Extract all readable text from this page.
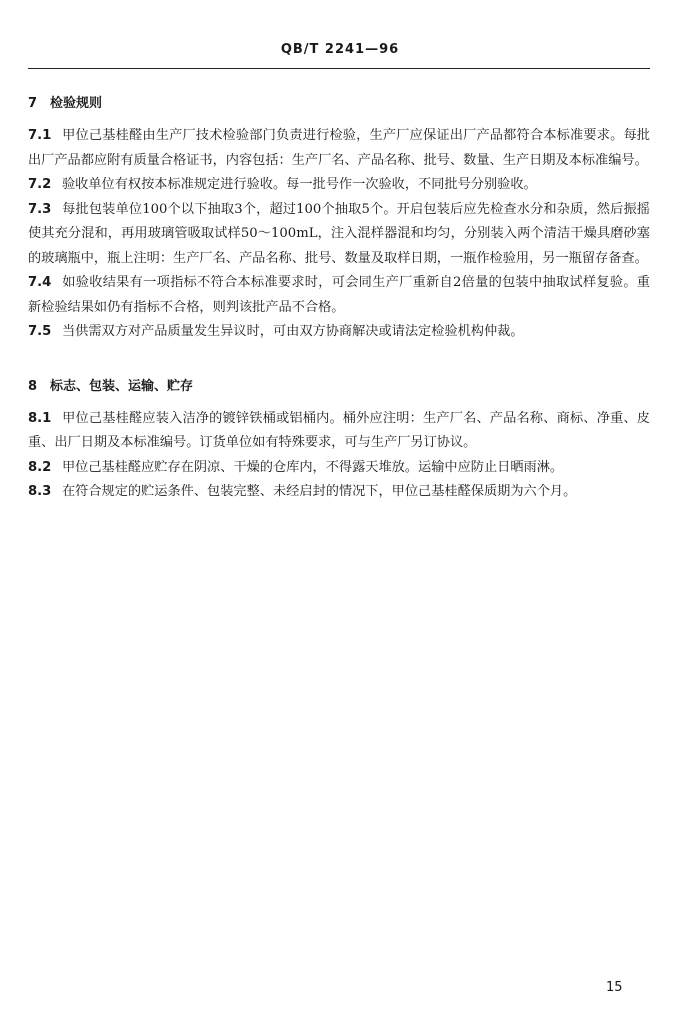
QB/T 2241—96
7 检验规则

7.1 甲位己基桂醛由生产厂技术检验部门负责进行检验，生产厂应保证出厂产品都符合本标准要求。每批出厂产品都应附有质量合格证书，内容包括：生产厂名、产品名称、批号、数量、生产日期及本标准编号。

7.2 验收单位有权按本标准规定进行验收。每一批号作一次验收，不同批号分别验收。

7.3 每批包装单位100个以下抽取3个，超过100个抽取5个。开启包装后应先检查水分和杂质，然后振摇使其充分混和，再用玻璃管吸取试样50～100mL，注入混样器混和均匀，分别装入两个清洁干燥具磨砂塞的玻璃瓶中，瓶上注明：生产厂名、产品名称、批号、数量及取样日期，一瓶作检验用，另一瓶留存备查。

7.4 如验收结果有一项指标不符合本标准要求时，可会同生产厂重新自2倍量的包装中抽取试样复验。重新检验结果如仍有指标不合格，则判该批产品不合格。

7.5 当供需双方对产品质量发生异议时，可由双方协商解决或请法定检验机构仲裁。

8 标志、包装、运输、贮存

8.1 甲位己基桂醛应装入洁净的镀锌铁桶或铝桶内。桶外应注明：生产厂名、产品名称、商标、净重、皮重、出厂日期及本标准编号。订货单位如有特殊要求，可与生产厂另订协议。

8.2 甲位己基桂醛应贮存在阴凉、干燥的仓库内，不得露天堆放。运输中应防止日晒雨淋。

8.3 在符合规定的贮运条件、包装完整、未经启封的情况下，甲位己基桂醛保质期为六个月。

15
